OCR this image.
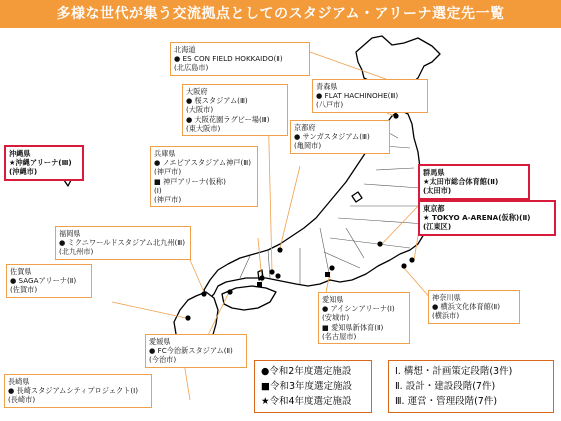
多様な世代が集う交流拠点としてのスタジアム・アリーナ選定先一覧
北海道
● ES CON FIELD HOKKAIDO(Ⅱ)
(北広島市)
青森県
● FLAT HACHINOHE(Ⅲ)
(八戸市)
大阪府
● 桜スタジアム(Ⅲ)
(大阪市)
● 大阪花園ラグビー場(Ⅲ)
(東大阪市)	京都府
● サンガスタジアム(Ⅲ)
(亀岡市)
沖縄県
★沖縄アリーナ(Ⅲ)
(沖縄市)
兵庫県
● ノエビアスタジアム神戸(Ⅲ)
(神戸市)
■ 神戸アリーナ(仮称)
(Ⅰ)
(神戸市)
群馬県
★太田市総合体育館(Ⅱ)
(太田市)
東京都
★ TOKYO A-ARENA(仮称)(Ⅱ)
(江東区)
福岡県
● ミクニワールドスタジアム北九州(Ⅲ)
(北九州市)
佐賀県
● SAGAアリーナ(Ⅱ)
(佐賀市)
愛知県
● アイシンアリーナ(Ⅰ)
(安城市)
■ 愛知県新体育(Ⅱ)
(名古屋市)
神奈川県
● 横浜文化体育館(Ⅱ)
(横浜市)
愛媛県
● FC今治新スタジアム(Ⅱ)
(今治市)
長崎県
● 長崎スタジアムシティプロジェクト(Ⅰ)
(長崎市)
●令和2年度選定施設
■令和3年度選定施設
★令和4年度選定施設
Ⅰ. 構想・計画策定段階(3件)
Ⅱ. 設計・建設段階(7件)
Ⅲ. 運営・管理段階(7件)
